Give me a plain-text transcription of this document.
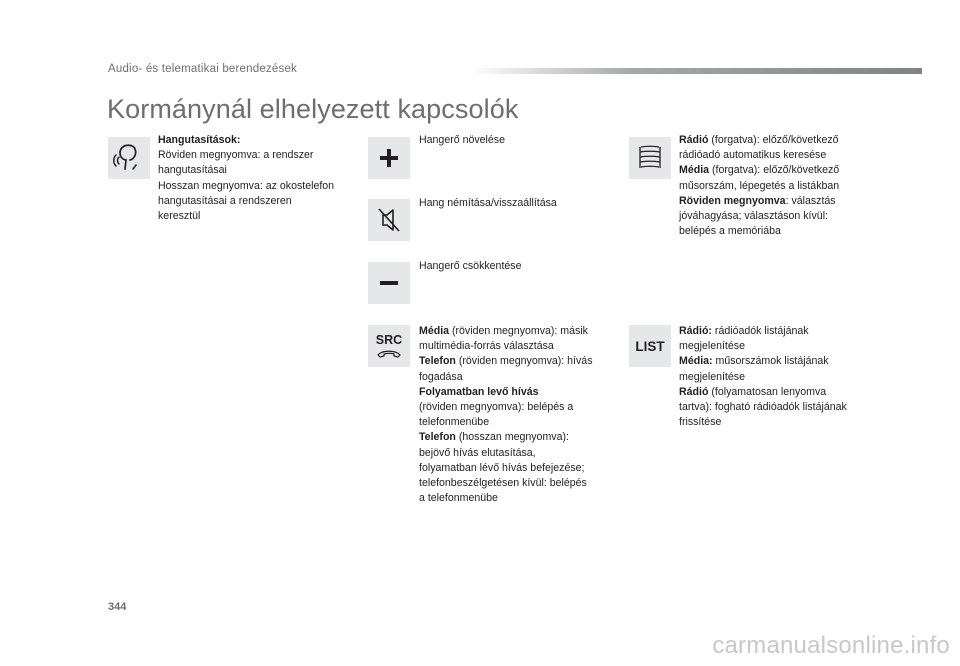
Audio- és telematikai berendezések
Kormánynál elhelyezett kapcsolók
Hangutasítások:
Röviden megnyomva: a rendszer
hangutasításai
Hosszan megnyomva: az okostelefon
hangutasításai a rendszeren
keresztül
Hangerő növelése
Hang némítása/visszaállítása
Hangerő csökkentése
SRC
Média (röviden megnyomva): másik
multimédia-forrás választása
Telefon (röviden megnyomva): hívás
fogadása
Folyamatban levő hívás
(röviden megnyomva): belépés a
telefonmenübe
Telefon (hosszan megnyomva):
bejövő hívás elutasítása,
folyamatban lévő hívás befejezése;
telefonbeszélgetésen kívül: belépés
a telefonmenübe
Rádió (forgatva): előző/következő
rádióadó automatikus keresése
Média (forgatva): előző/következő
műsorszám, lépegetés a listákban
Röviden megnyomva: választás
jóváhagyása; választáson kívül:
belépés a memóriába
LIST
Rádió: rádióadók listájának
megjelenítése
Média: műsorszámok listájának
megjelenítése
Rádió (folyamatosan lenyomva
tartva): fogható rádióadók listájának
frissítése
344
carmanualsonline.info
